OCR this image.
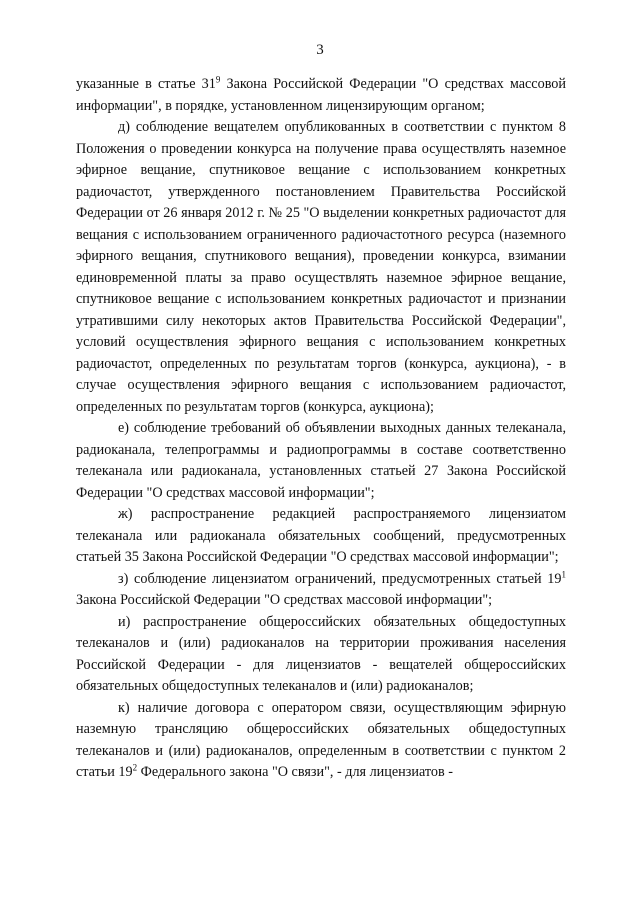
3

указанные в статье $31^9$ Закона Российской Федерации "О средствах массовой информации", в порядке, установленном лицензирующим органом;

д) соблюдение вещателем опубликованных в соответствии с пунктом 8 Положения о проведении конкурса на получение права осуществлять наземное эфирное вещание, спутниковое вещание с использованием конкретных радиочастот, утвержденного постановлением Правительства Российской Федерации от 26 января 2012 г. № 25 "О выделении конкретных радиочастот для вещания с использованием ограниченного радиочастотного ресурса (наземного эфирного вещания, спутникового вещания), проведении конкурса, взимании единовременной платы за право осуществлять наземное эфирное вещание, спутниковое вещание с использованием конкретных радиочастот и признании утратившими силу некоторых актов Правительства Российской Федерации", условий осуществления эфирного вещания с использованием конкретных радиочастот, определенных по результатам торгов (конкурса, аукциона), - в случае осуществления эфирного вещания с использованием радиочастот, определенных по результатам торгов (конкурса, аукциона);

е) соблюдение требований об объявлении выходных данных телеканала, радиоканала, телепрограммы и радиопрограммы в составе соответственно телеканала или радиоканала, установленных статьей 27 Закона Российской Федерации "О средствах массовой информации";

ж) распространение редакцией распространяемого лицензиатом телеканала или радиоканала обязательных сообщений, предусмотренных статьей 35 Закона Российской Федерации "О средствах массовой информации";

з) соблюдение лицензиатом ограничений, предусмотренных статьей $19^1$ Закона Российской Федерации "О средствах массовой информации";

и) распространение общероссийских обязательных общедоступных телеканалов и (или) радиоканалов на территории проживания населения Российской Федерации - для лицензиатов - вещателей общероссийских обязательных общедоступных телеканалов и (или) радиоканалов;

к) наличие договора с оператором связи, осуществляющим эфирную наземную трансляцию общероссийских обязательных общедоступных телеканалов и (или) радиоканалов, определенным в соответствии с пунктом 2 статьи $19^2$ Федерального закона "О связи", - для лицензиатов -
